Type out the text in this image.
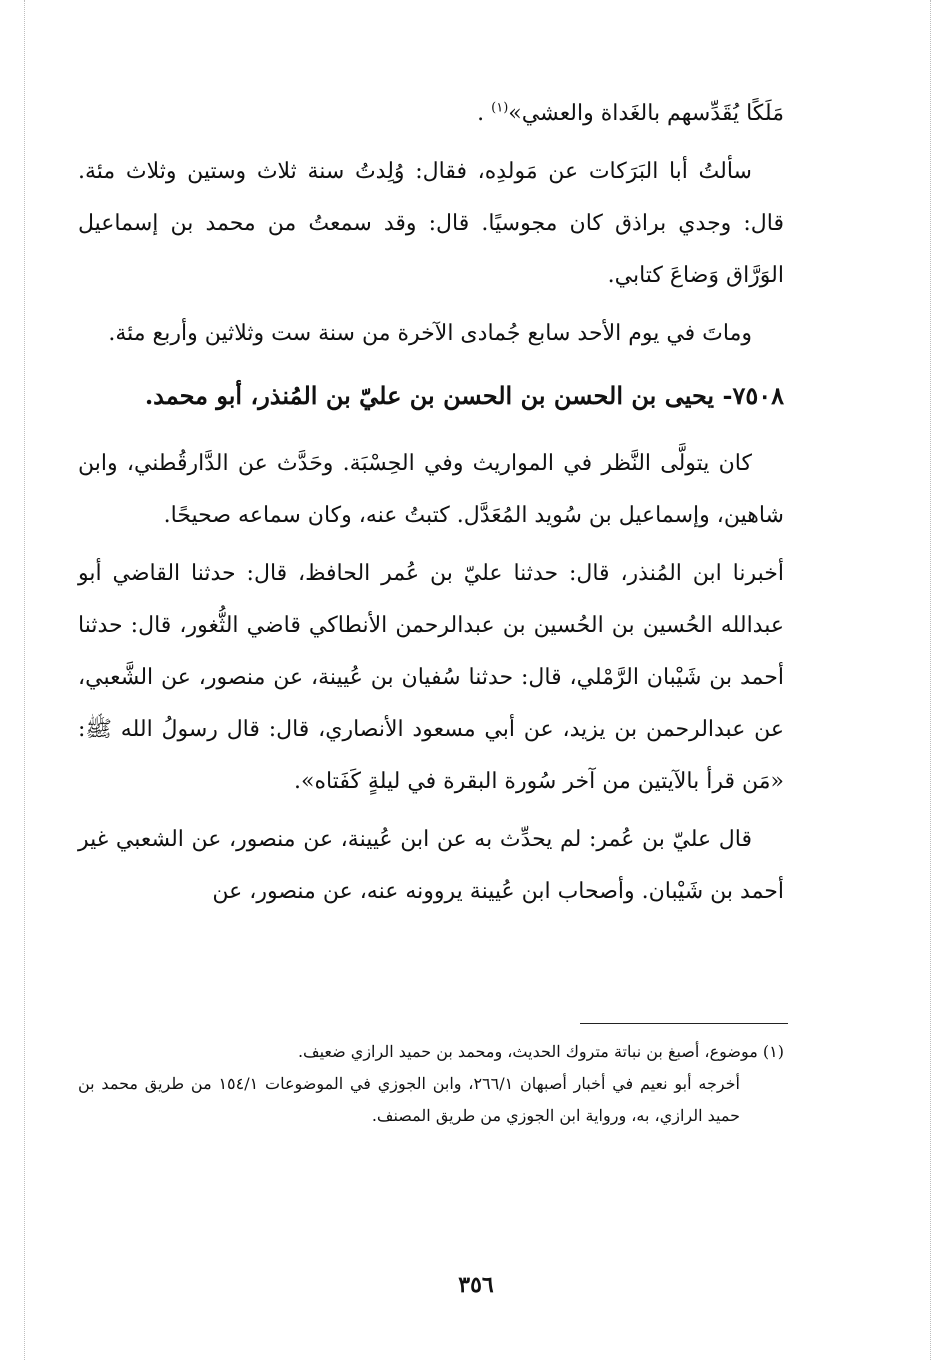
مَلَكًا يُقَدِّسهم بالغَداة والعشي»$^{(١)}$ .

سألتُ أبا البَرَكات عن مَولدِه، فقال: وُلِدتُ سنة ثلاث وستين وثلاث مئة. قال: وجدي براذق كان مجوسيًا. قال: وقد سمعتُ من محمد بن إسماعيل الوَرَّاق وَضاعَ كتابي.

وماتَ في يوم الأحد سابع جُمادى الآخرة من سنة ست وثلاثين وأربع مئة.

٧٥٠٨- يحيى بن الحسن بن الحسن بن عليّ بن المُنذر، أبو محمد.

كان يتولَّى النَّظر في المواريث وفي الحِسْبَة. وحَدَّث عن الدَّارقُطني، وابن شاهين، وإسماعيل بن سُويد المُعَدَّل. كتبتُ عنه، وكان سماعه صحيحًا.

أخبرنا ابن المُنذر، قال: حدثنا عليّ بن عُمر الحافظ، قال: حدثنا القاضي أبو عبدالله الحُسين بن الحُسين بن عبدالرحمن الأنطاكي قاضي الثُّغور، قال: حدثنا أحمد بن شَيْبان الرَّمْلي، قال: حدثنا سُفيان بن عُيينة، عن منصور، عن الشَّعبي، عن عبدالرحمن بن يزيد، عن أبي مسعود الأنصاري، قال: قال رسولُ الله ﷺ: «مَن قرأ بالآيتين من آخر سُورة البقرة في ليلةٍ كَفَتاه».

قال عليّ بن عُمر: لم يحدِّث به عن ابن عُيينة، عن منصور، عن الشعبي غير أحمد بن شَيْبان. وأصحاب ابن عُيينة يروونه عنه، عن منصور، عن

(١) موضوع، أصبغ بن نباتة متروك الحديث، ومحمد بن حميد الرازي ضعيف.
أخرجه أبو نعيم في أخبار أصبهان ٢٦٦/١، وابن الجوزي في الموضوعات ١٥٤/١ من طريق محمد بن حميد الرازي، به، ورواية ابن الجوزي من طريق المصنف.
٣٥٦
